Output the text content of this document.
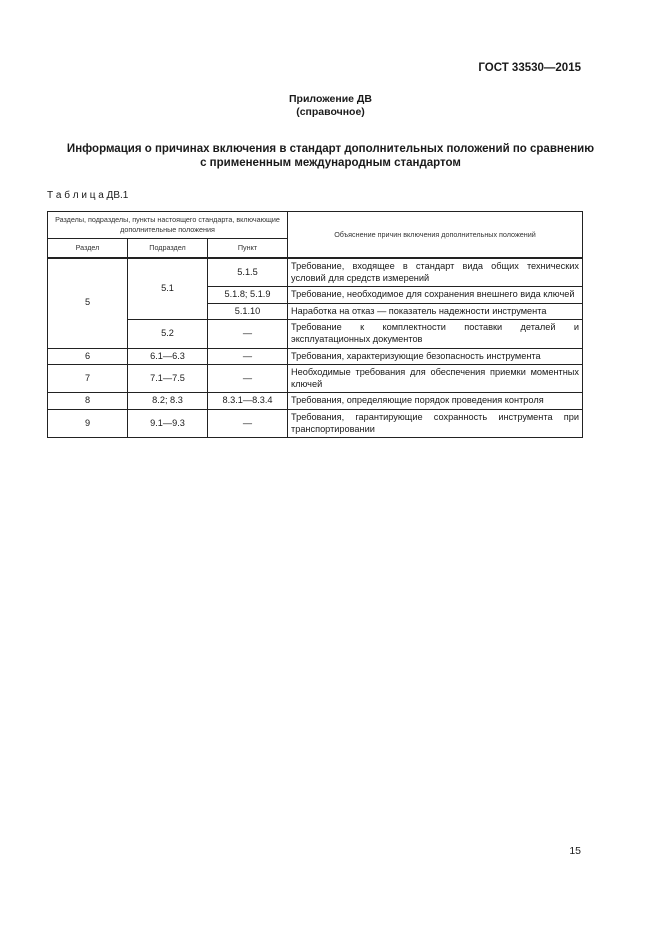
ГОСТ 33530—2015
Приложение ДВ
(справочное)
Информация о причинах включения в стандарт дополнительных положений по сравнению
с примененным международным стандартом
Т а б л и ц а ДВ.1
Разделы, подразделы, пункты настоящего стандарта, включающие дополнительные положения			Объяснение причин включения дополнительных положений
Раздел	Подраздел	Пункт	
5	5.1	5.1.5	Требование, входящее в стандарт вида общих технических условий для средств измерений
		5.1.8; 5.1.9	Требование, необходимое для сохранения внешнего вида ключей
		5.1.10	Наработка на отказ — показатель надежности инструмента
	5.2	—	Требование к комплектности поставки деталей и эксплуатационных документов
6	6.1—6.3	—	Требования, характеризующие безопасность инструмента
7	7.1—7.5	—	Необходимые требования для обеспечения приемки моментных ключей
8	8.2; 8.3	8.3.1—8.3.4	Требования, определяющие порядок проведения контроля
9	9.1—9.3	—	Требования, гарантирующие сохранность инструмента при транспортировании
15
